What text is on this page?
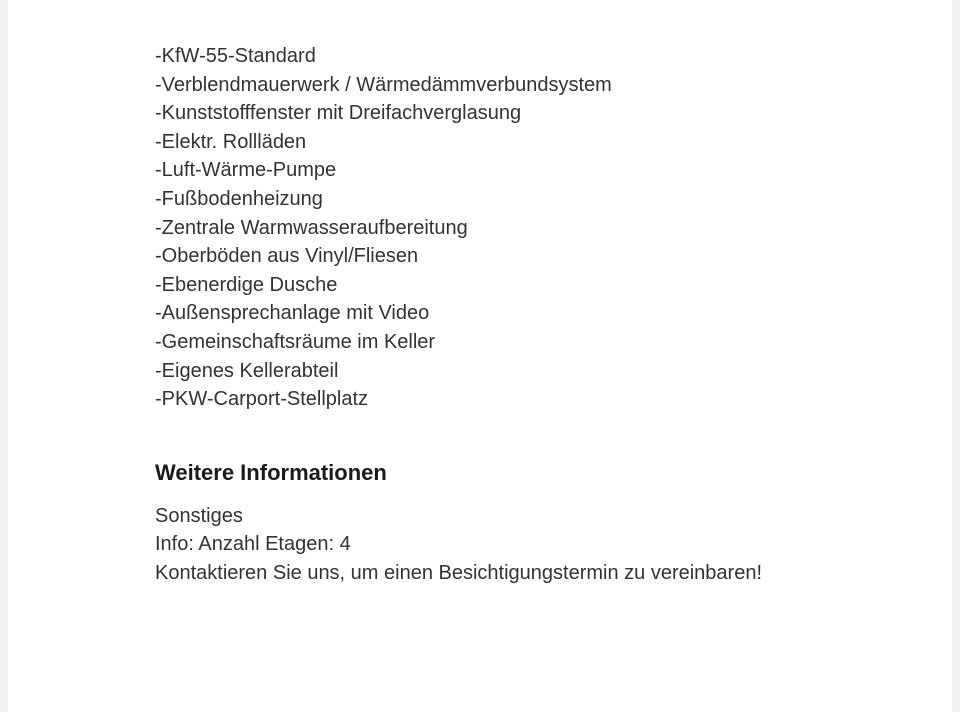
-KfW-55-Standard
-Verblendmauerwerk / Wärmedämmverbundsystem
-Kunststofffenster mit Dreifachverglasung
-Elektr. Rollläden
-Luft-Wärme-Pumpe
-Fußbodenheizung
-Zentrale Warmwasseraufbereitung
-Oberböden aus Vinyl/Fliesen
-Ebenerdige Dusche
-Außensprechanlage mit Video
-Gemeinschaftsräume im Keller
-Eigenes Kellerabteil
-PKW-Carport-Stellplatz
Weitere Informationen

Sonstiges

Info: Anzahl Etagen: 4

Kontaktieren Sie uns, um einen Besichtigungstermin zu vereinbaren!
